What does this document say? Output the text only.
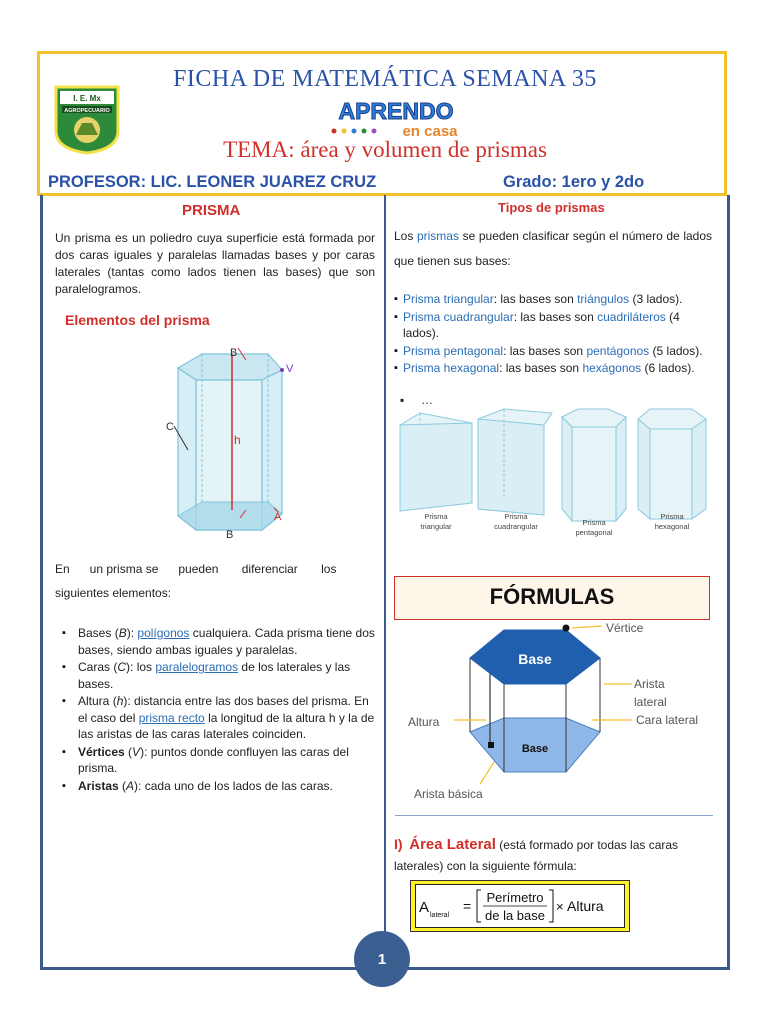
I. E. Mx
AGROPECUARIO
FICHA DE MATEMÁTICA SEMANA 35
APRENDO
en casa
TEMA: área y volumen de prismas
PROFESOR: LIC. LEONER JUAREZ CRUZ	Grado: 1ero y 2do
PRISMA
Un prisma es un poliedro cuya superficie está formada por dos caras iguales y paralelas llamadas bases y por caras laterales (tantas como lados tienen las bases) que son paralelogramos.
Elementos del prisma
B
V
C
h
B
A
En      un prisma se      pueden       diferenciar       los
siguientes elementos:
▪ Bases (B): polígonos cualquiera. Cada prisma tiene dos bases, siendo ambas iguales y paralelas.
▪ Caras (C): los paralelogramos de los laterales y las bases.
▪ Altura (h): distancia entre las dos bases del prisma. En el caso del prisma recto la longitud de la altura h y la de las aristas de las caras laterales coinciden.
▪ Vértices (V): puntos donde confluyen las caras del prisma.
▪ Aristas (A): cada uno de los lados de las caras.
Tipos de prismas
Los prismas se pueden clasificar según el número de lados que tienen sus bases:
▪ Prisma triangular: las bases son triángulos (3 lados).
▪ Prisma cuadrangular: las bases son cuadriláteros (4 lados).
▪ Prisma pentagonal: las bases son pentágonos (5 lados).
▪ Prisma hexagonal: las bases son hexágonos (6 lados).
▪     …
Prisma
triangular
Prisma
cuadrangular	Prisma
pentagonal
Prisma
hexagonal
FÓRMULAS
Base
Base
Vértice
Arista
lateral
Cara lateral
Altura
Arista básica
I) Área Lateral (está formado por todas las caras laterales) con la siguiente fórmula:
A lateral
=
Perímetro
de la base
× Altura
1
